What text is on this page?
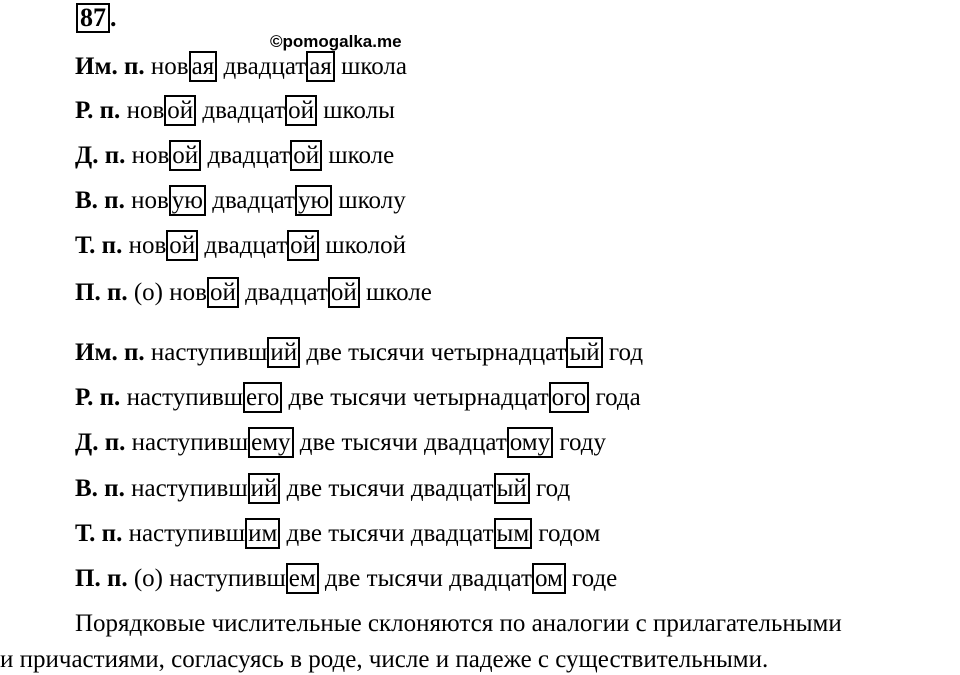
87 .
©pomogalka.me
Им. п. нов ая двадцат ая школа
Р. п. нов ой двадцат ой школы
Д. п. нов ой двадцат ой школе
В. п. нов ую двадцат ую школу
Т. п. нов ой двадцат ой школой
П. п. (о) нов ой двадцат ой школе
Им. п. наступивш ий две тысячи четырнадцат ый год
Р. п. наступивш его две тысячи четырнадцат ого года
Д. п. наступивш ему две тысячи двадцат ому году
В. п. наступивш ий две тысячи двадцат ый год
Т. п. наступивш им две тысячи двадцат ым годом
П. п. (о) наступивш ем две тысячи двадцат ом годе
Порядковые числительные склоняются по аналогии с прилагательными
и причастиями, согласуясь в роде, числе и падеже с существительными.
